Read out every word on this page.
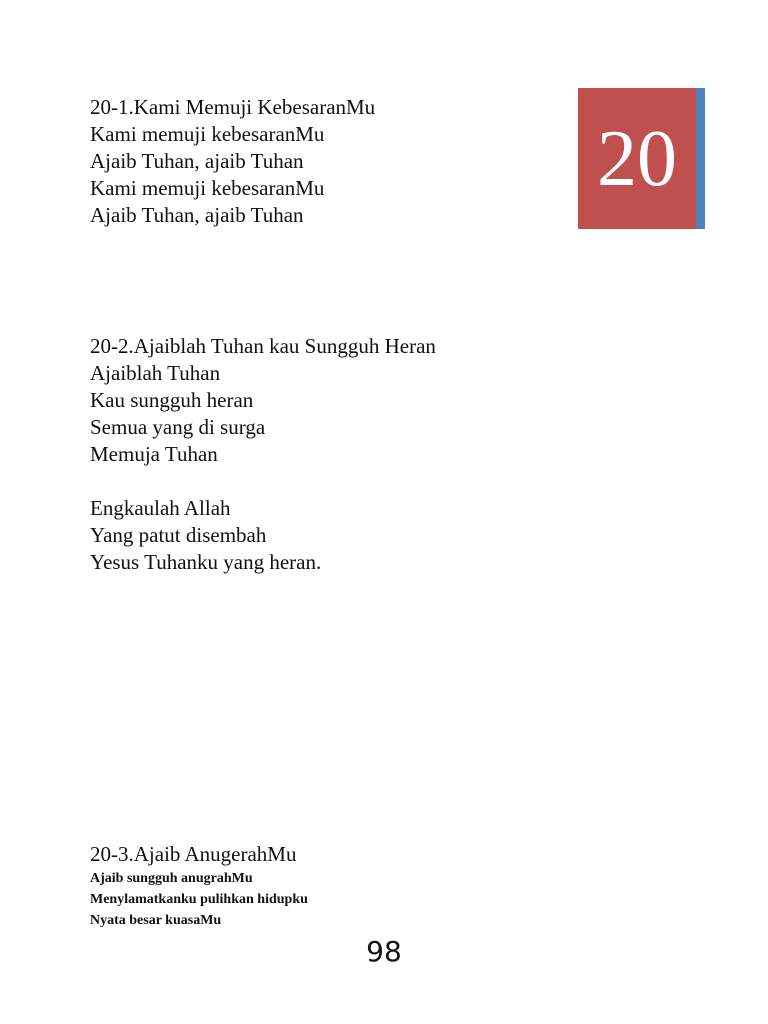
20
20-1.Kami Memuji KebesaranMu
Kami memuji kebesaranMu
Ajaib Tuhan, ajaib Tuhan
Kami memuji kebesaranMu
Ajaib Tuhan, ajaib Tuhan
20-2.Ajaiblah Tuhan kau Sungguh Heran
Ajaiblah Tuhan
Kau sungguh heran
Semua yang di surga
Memuja Tuhan
Engkaulah Allah
Yang patut disembah
Yesus Tuhanku yang heran.
20-3.Ajaib AnugerahMu
Ajaib sungguh anugrahMu
Menylamatkanku pulihkan hidupku
Nyata besar kuasaMu
98
